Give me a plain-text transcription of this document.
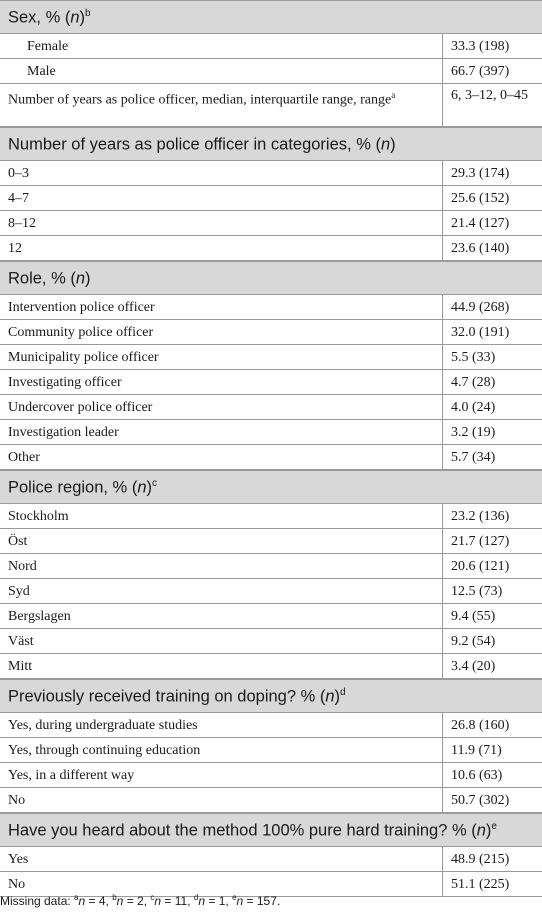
Sex, % $(n)^b$
Female	33.3 (198)
Male	66.7 (397)
Number of years as police officer, median, interquartile range, range$^a$	6, 3–12, 0–45
Number of years as police officer in categories, % (n)
0–3	29.3 (174)
4–7	25.6 (152)
8–12	21.4 (127)
12	23.6 (140)
Role, % (n)
Intervention police officer	44.9 (268)
Community police officer	32.0 (191)
Municipality police officer	5.5 (33)
Investigating officer	4.7 (28)
Undercover police officer	4.0 (24)
Investigation leader	3.2 (19)
Other	5.7 (34)
Police region, % $(n)^c$
Stockholm	23.2 (136)
Öst	21.7 (127)
Nord	20.6 (121)
Syd	12.5 (73)
Bergslagen	9.4 (55)
Väst	9.2 (54)
Mitt	3.4 (20)
Previously received training on doping? % $(n)^d$
Yes, during undergraduate studies	26.8 (160)
Yes, through continuing education	11.9 (71)
Yes, in a different way	10.6 (63)
No	50.7 (302)
Have you heard about the method 100% pure hard training? % $(n)^e$
Yes	48.9 (215)
No	51.1 (225)
Missing data: $^a$n = 4, $^b$n = 2, $^c$n = 11, $^d$n = 1, $^e$n = 157.
